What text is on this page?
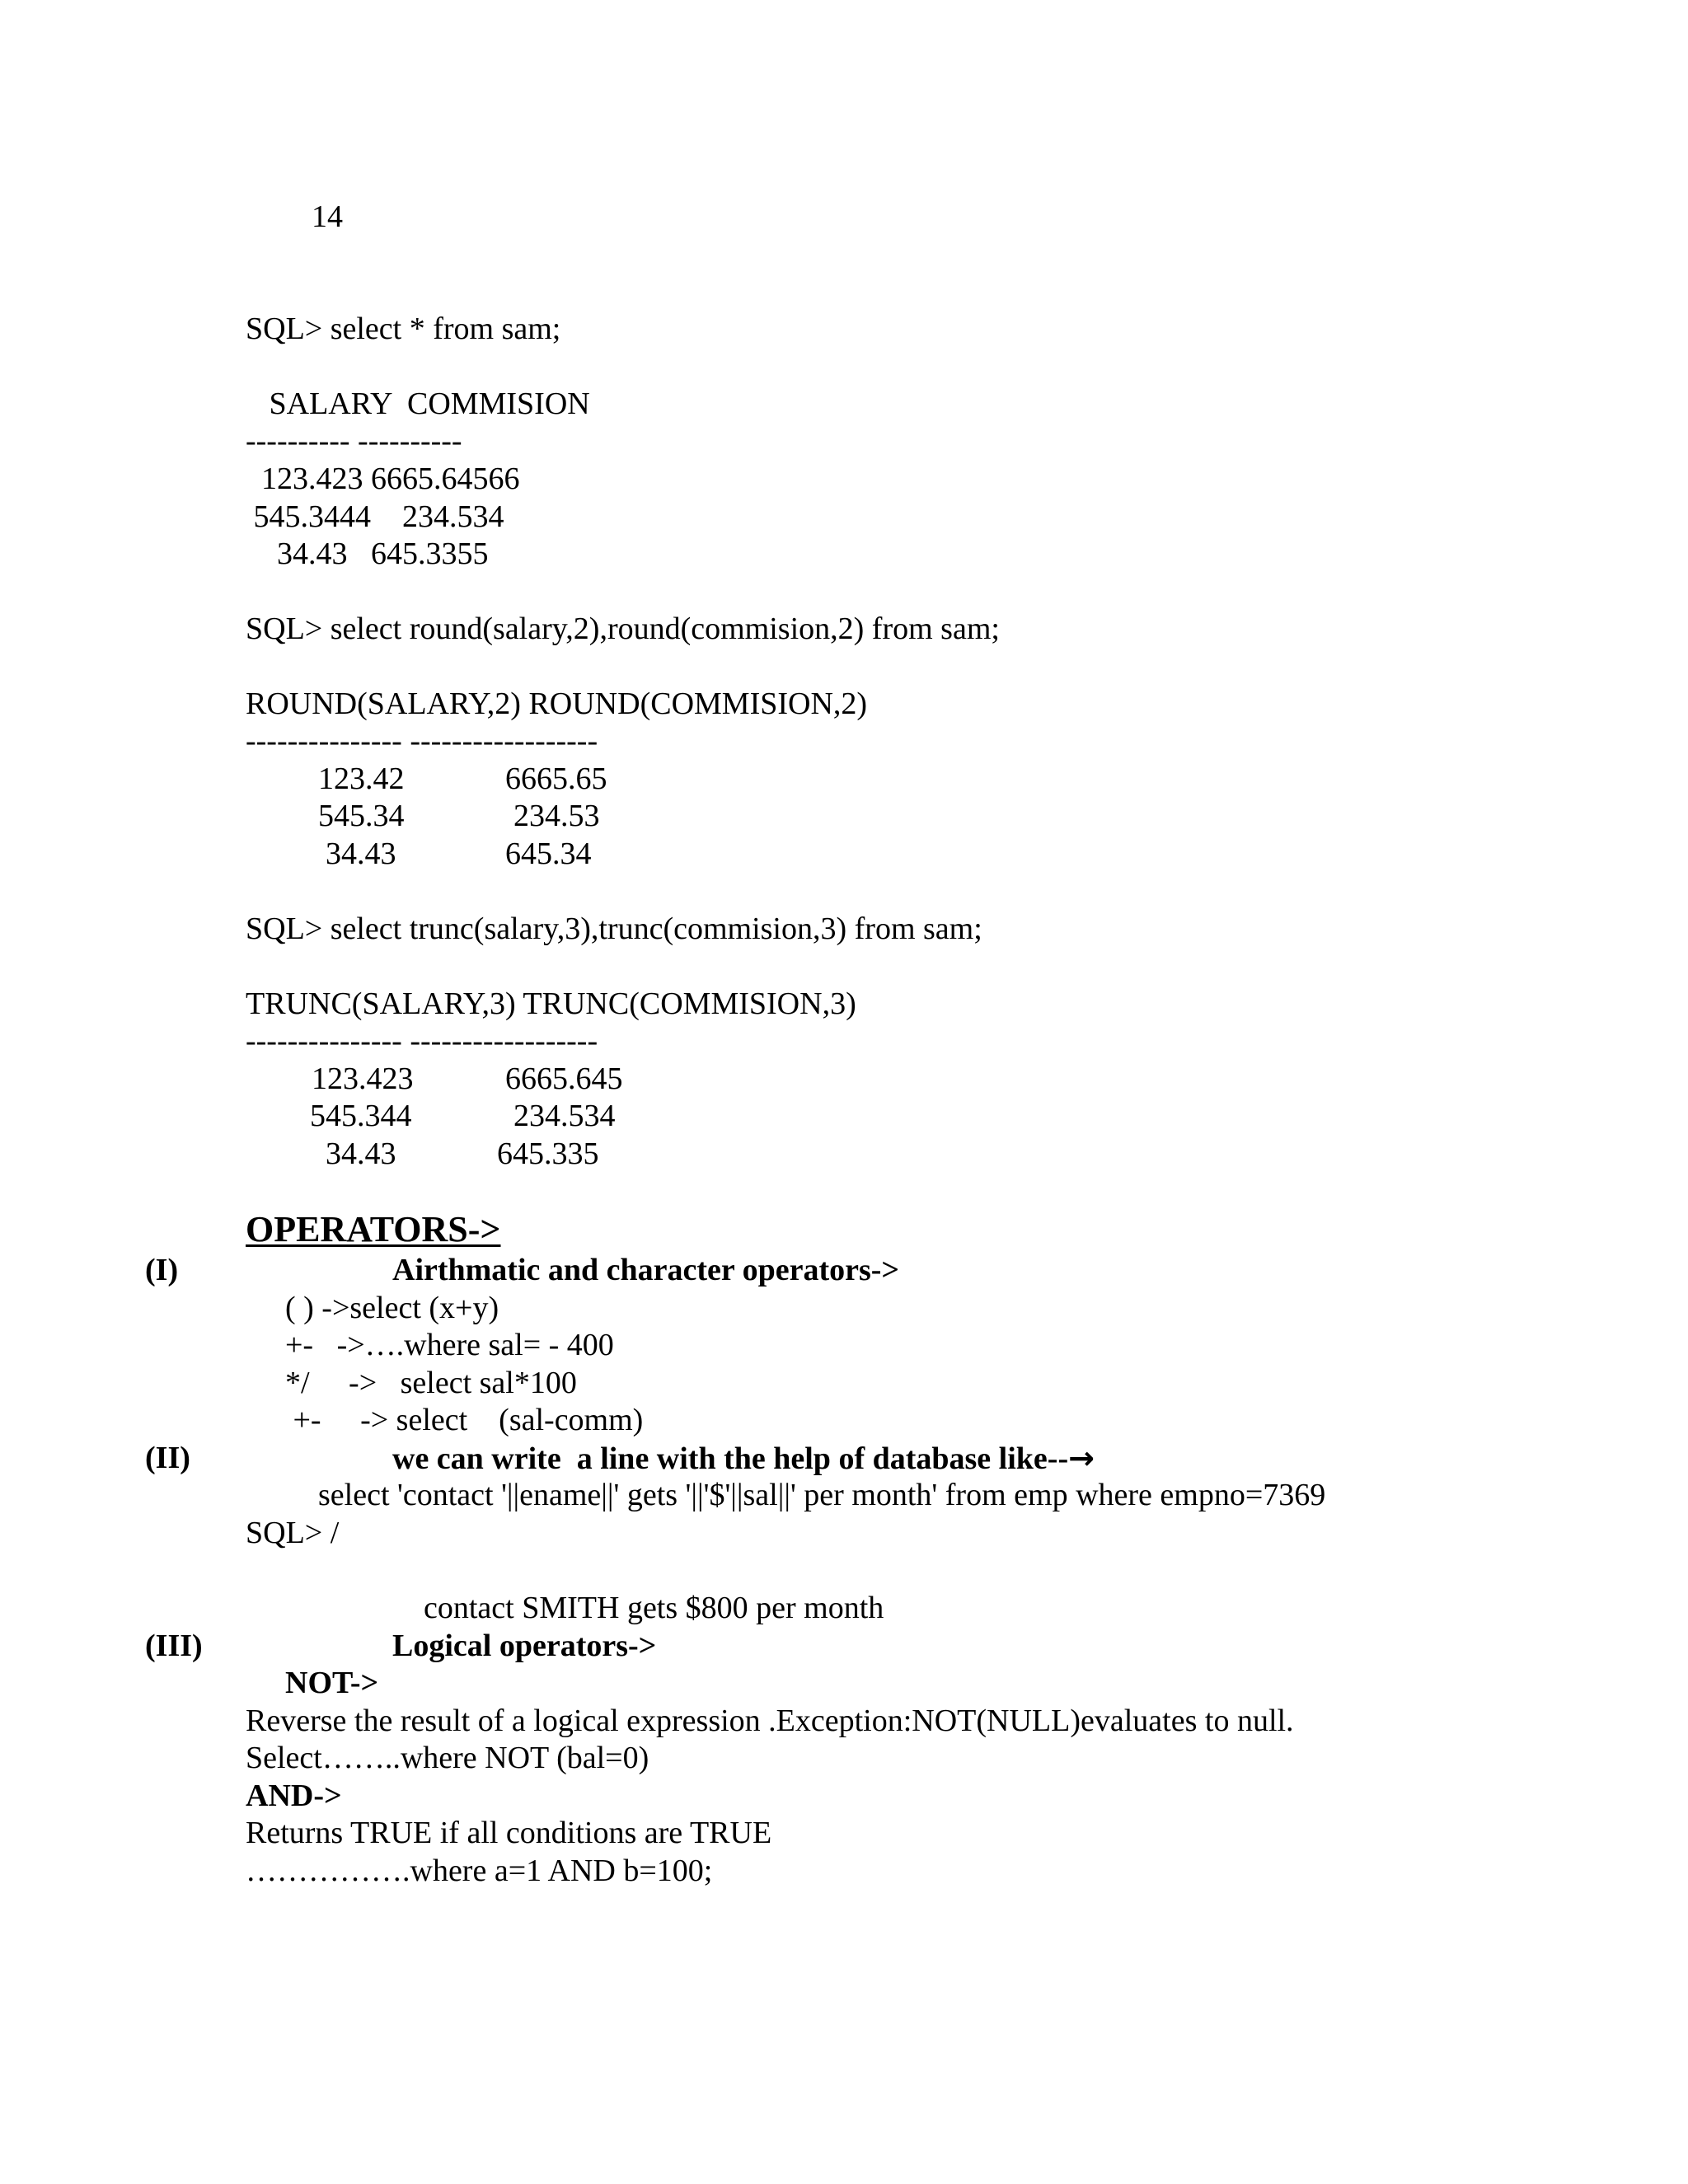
14
SQL> select * from sam;
SALARY  COMMISION
---------- ----------
123.423 6665.64566
545.3444    234.534
34.43   645.3355
SQL> select round(salary,2),round(commision,2) from sam;
ROUND(SALARY,2) ROUND(COMMISION,2)
--------------- ------------------
123.42	6665.65
545.34	234.53
34.43	645.34
SQL> select trunc(salary,3),trunc(commision,3) from sam;
TRUNC(SALARY,3) TRUNC(COMMISION,3)
--------------- ------------------
123.423	6665.645
545.344	234.534
34.43	645.335
OPERATORS->
(I)	Airthmatic and character operators->
( ) ->select (x+y)
+-   ->….where sal= - 400
*/     ->   select sal*100
+-     -> select    (sal-comm)
(II)	we can write  a line with the help of database like--→
select 'contact '||ename||' gets '||'$'||sal||' per month' from emp where empno=7369
SQL> /
contact SMITH gets $800 per month
(III)	Logical operators->
NOT->
Reverse the result of a logical expression .Exception:NOT(NULL)evaluates to null.
Select……..where NOT (bal=0)
AND->
Returns TRUE if all conditions are TRUE
…………….where a=1 AND b=100;
